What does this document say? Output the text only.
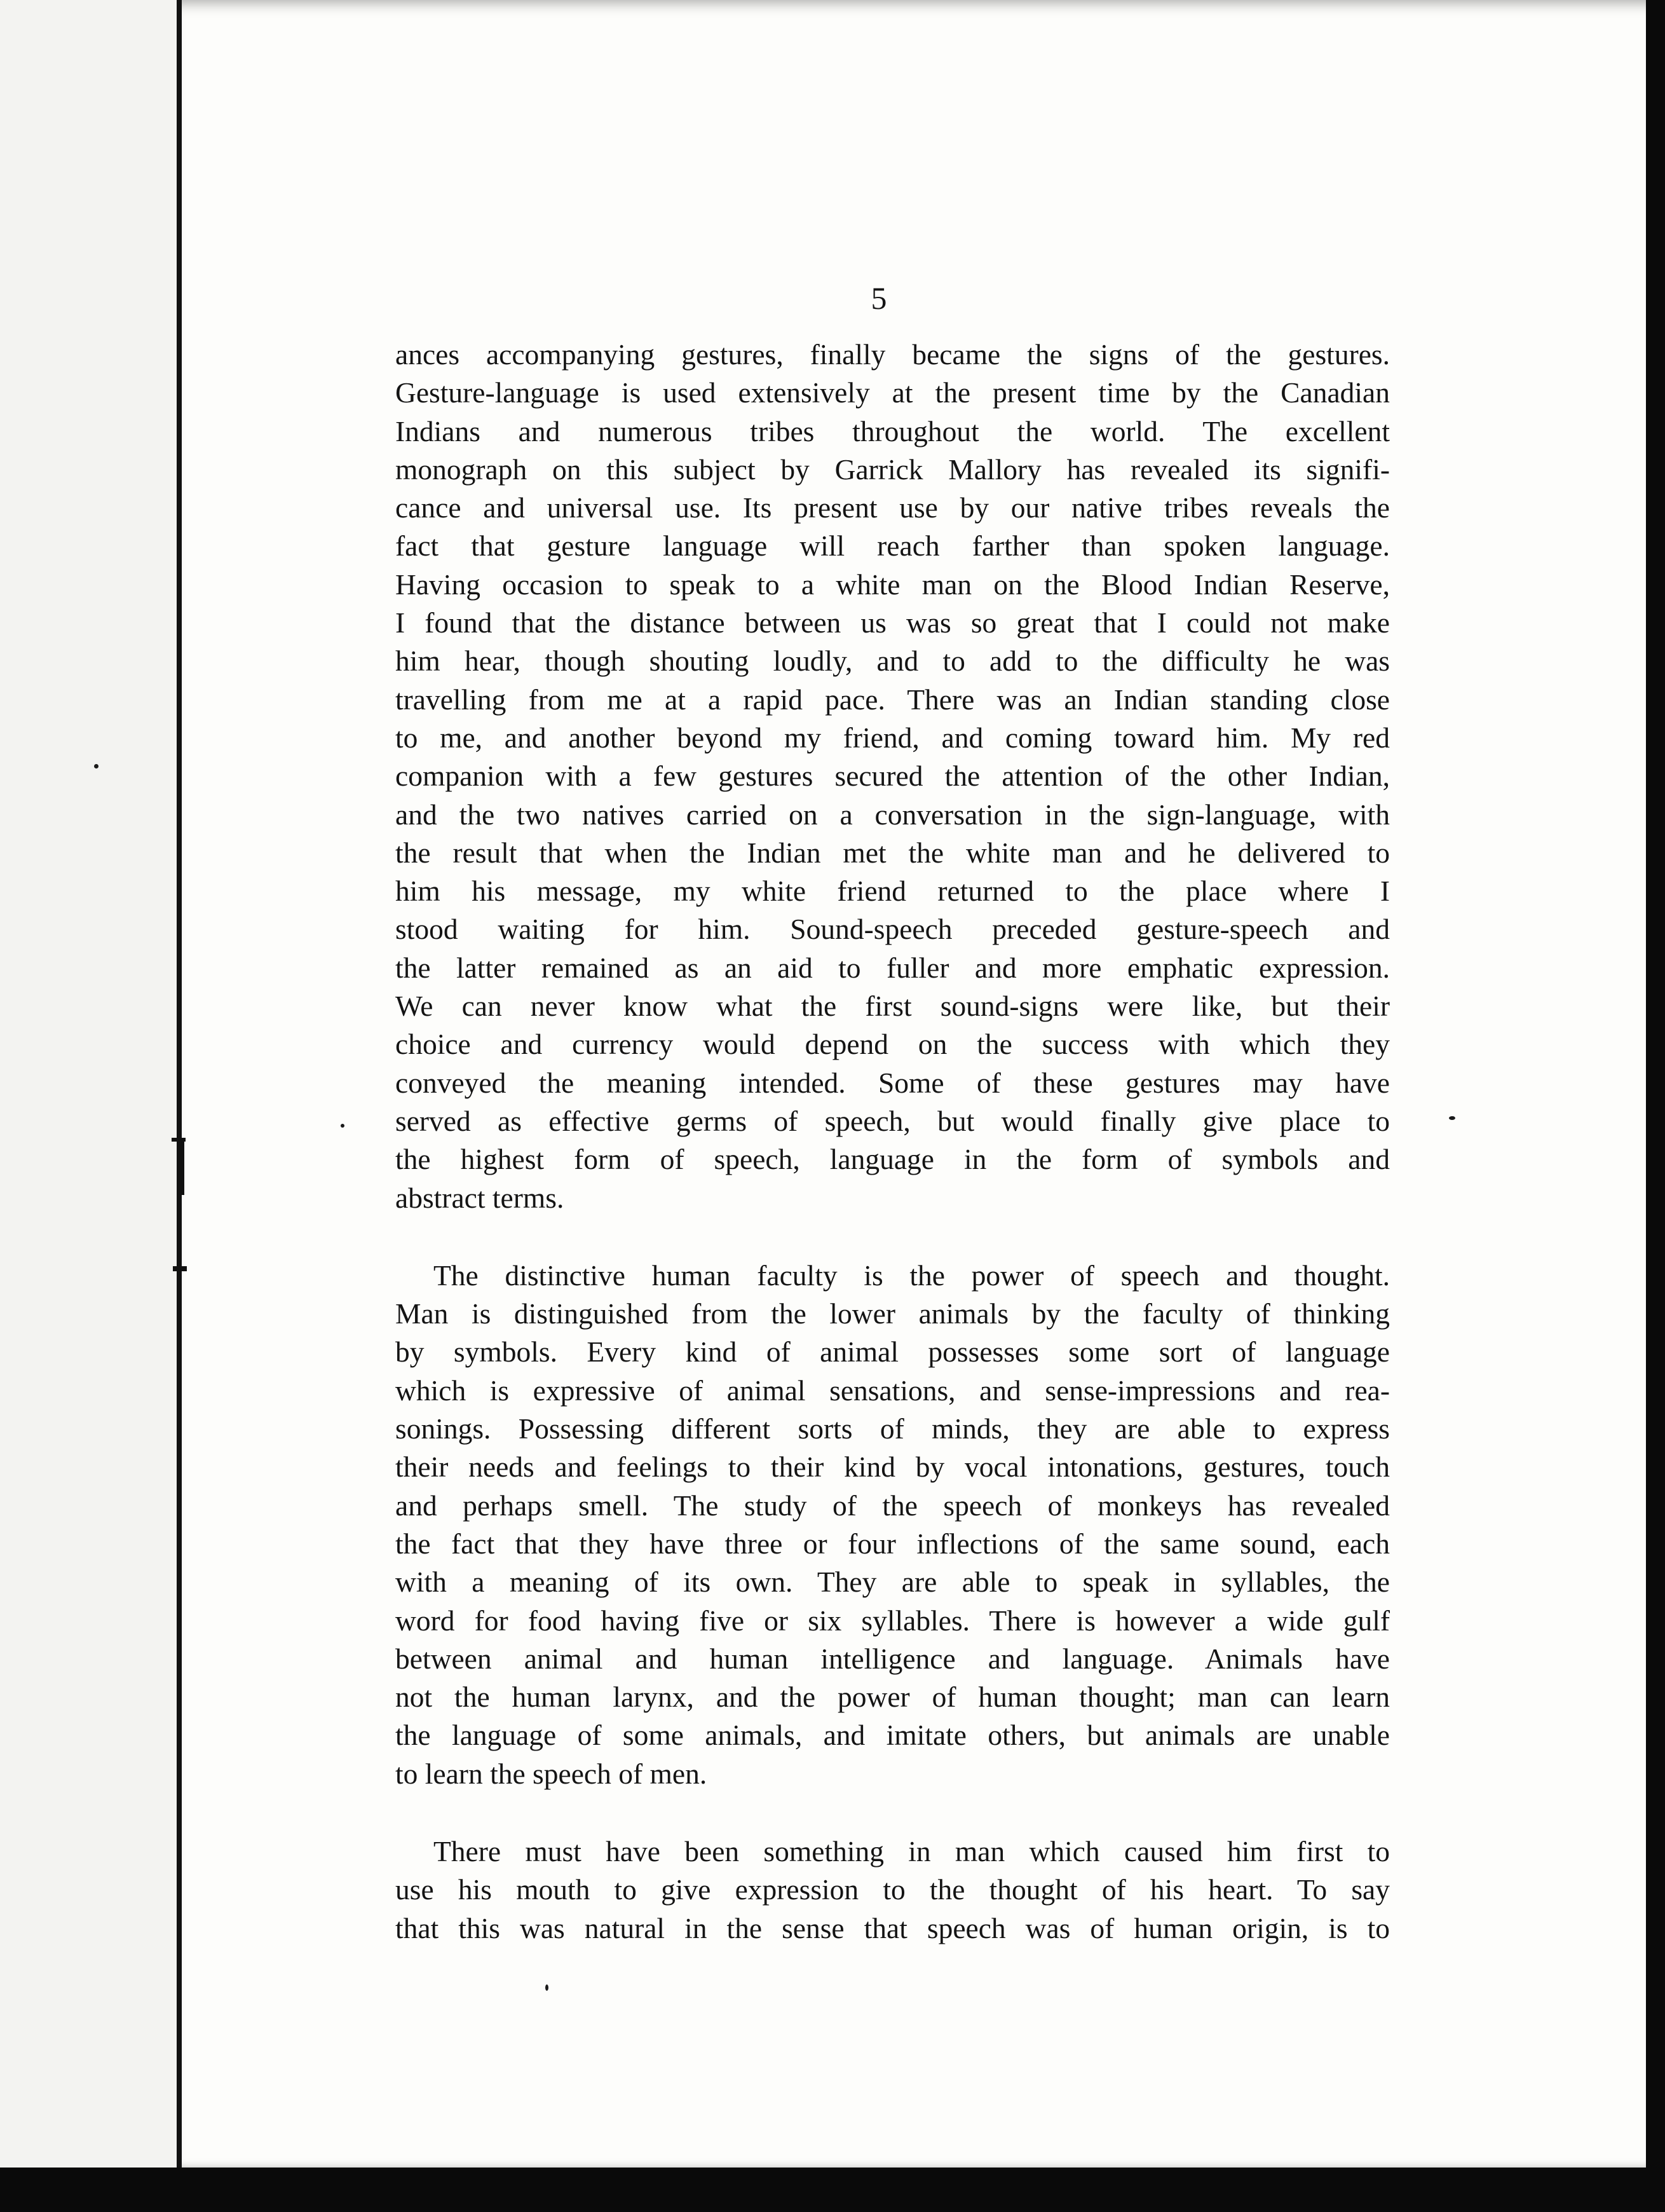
5
ances accompanying gestures, finally became the signs of the gestures.
Gesture-language is used extensively at the present time by the Canadian
Indians and numerous tribes throughout the world. The excellent
monograph on this subject by Garrick Mallory has revealed its signifi-
cance and universal use. Its present use by our native tribes reveals the
fact that gesture language will reach farther than spoken language.
Having occasion to speak to a white man on the Blood Indian Reserve,
I found that the distance between us was so great that I could not make
him hear, though shouting loudly, and to add to the difficulty he was
travelling from me at a rapid pace. There was an Indian standing close
to me, and another beyond my friend, and coming toward him. My red
companion with a few gestures secured the attention of the other Indian,
and the two natives carried on a conversation in the sign-language, with
the result that when the Indian met the white man and he delivered to
him his message, my white friend returned to the place where I
stood waiting for him. Sound-speech preceded gesture-speech and
the latter remained as an aid to fuller and more emphatic expression.
We can never know what the first sound-signs were like, but their
choice and currency would depend on the success with which they
conveyed the meaning intended. Some of these gestures may have
served as effective germs of speech, but would finally give place to
the highest form of speech, language in the form of symbols and
abstract terms.
The distinctive human faculty is the power of speech and thought.
Man is distinguished from the lower animals by the faculty of thinking
by symbols. Every kind of animal possesses some sort of language
which is expressive of animal sensations, and sense-impressions and rea-
sonings. Possessing different sorts of minds, they are able to express
their needs and feelings to their kind by vocal intonations, gestures, touch
and perhaps smell. The study of the speech of monkeys has revealed
the fact that they have three or four inflections of the same sound, each
with a meaning of its own. They are able to speak in syllables, the
word for food having five or six syllables. There is however a wide gulf
between animal and human intelligence and language. Animals have
not the human larynx, and the power of human thought; man can learn
the language of some animals, and imitate others, but animals are unable
to learn the speech of men.
There must have been something in man which caused him first to
use his mouth to give expression to the thought of his heart. To say
that this was natural in the sense that speech was of human origin, is to
